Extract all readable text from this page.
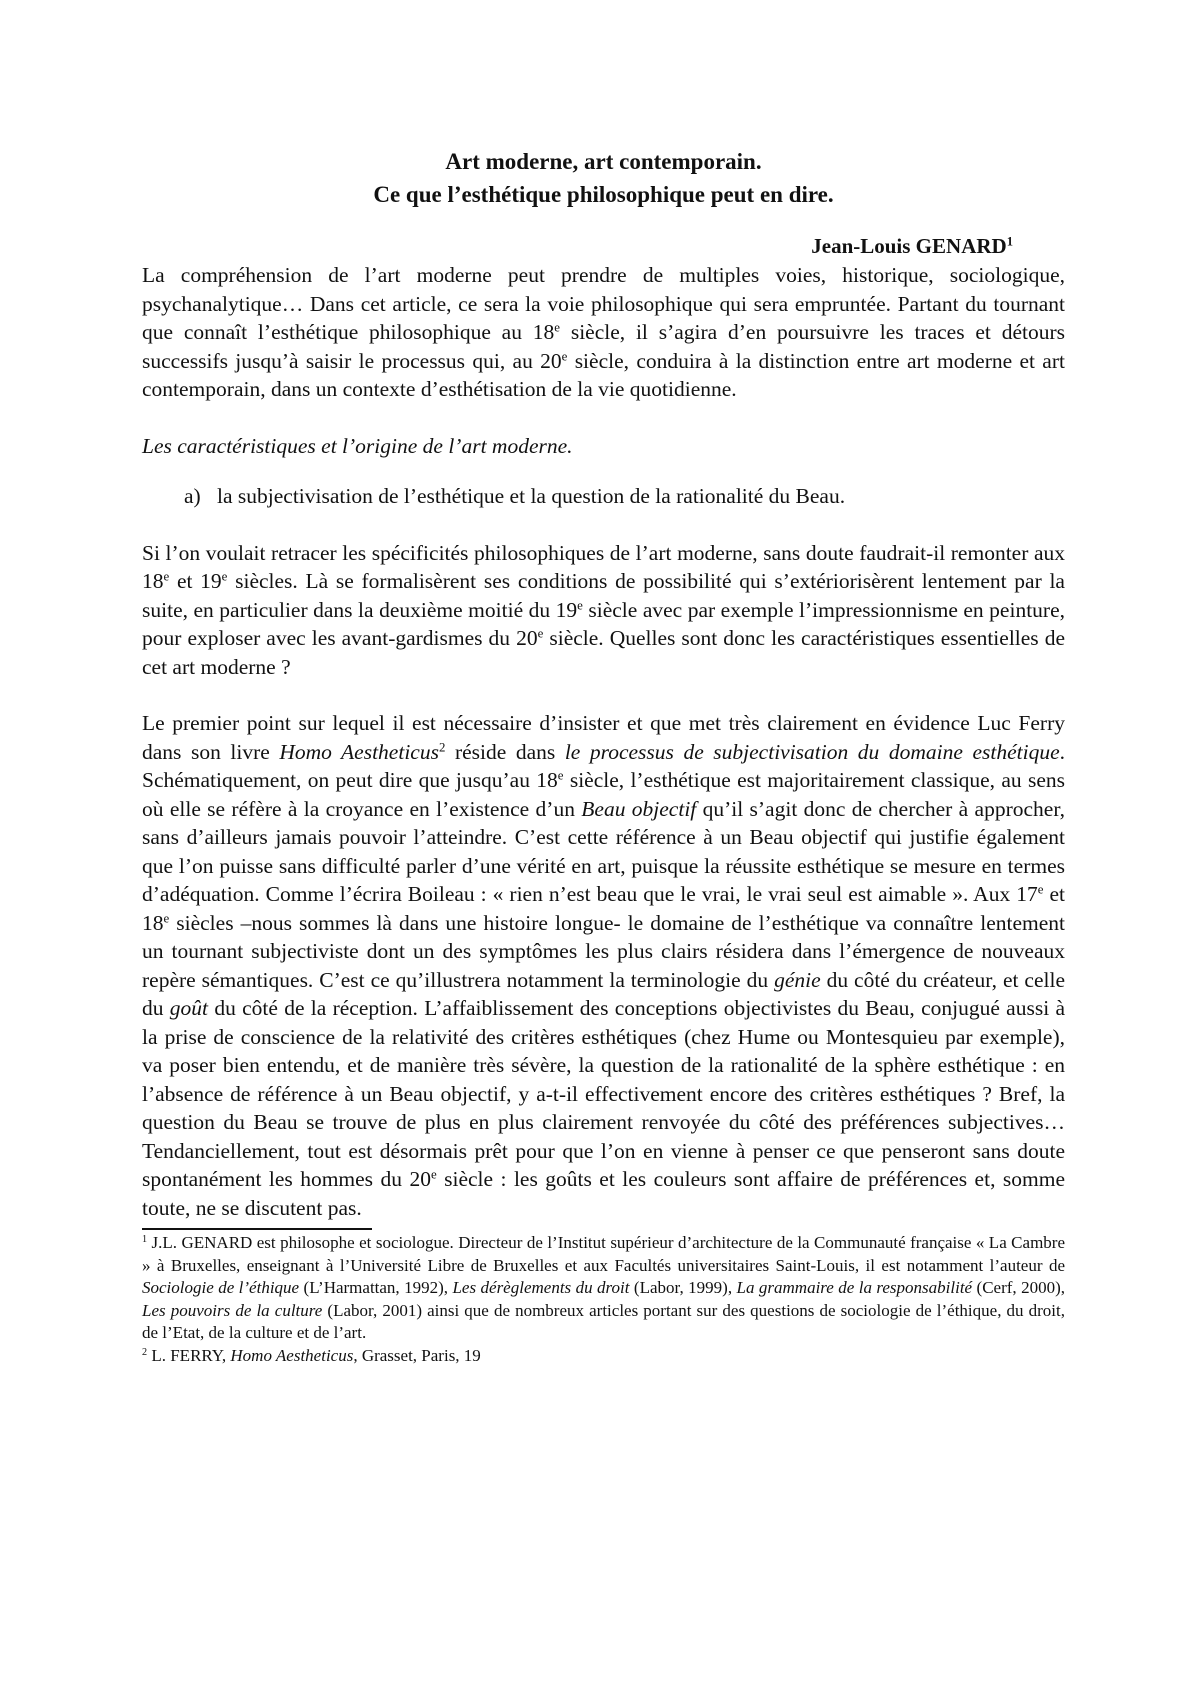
Art moderne, art contemporain.
Ce que l’esthétique philosophique peut en dire.
Jean-Louis GENARD$^1$

La compréhension de l’art moderne peut prendre de multiples voies, historique, sociologique, psychanalytique… Dans cet article, ce sera la voie philosophique qui sera empruntée. Partant du tournant que connaît l’esthétique philosophique au 18e siècle, il s’agira d’en poursuivre les traces et détours successifs jusqu’à saisir le processus qui, au 20e siècle, conduira à la distinction entre art moderne et art contemporain, dans un contexte d’esthétisation de la vie quotidienne.

Les caractéristiques et l’origine de l’art moderne.

a) la subjectivisation de l’esthétique et la question de la rationalité du Beau.

Si l’on voulait retracer les spécificités philosophiques de l’art moderne, sans doute faudrait-il remonter aux 18e et 19e siècles. Là se formalisèrent ses conditions de possibilité qui s’extériorisèrent lentement par la suite, en particulier dans la deuxième moitié du 19e siècle avec par exemple l’impressionnisme en peinture, pour exploser avec les avant-gardismes du 20e siècle. Quelles sont donc les caractéristiques essentielles de cet art moderne ?

Le premier point sur lequel il est nécessaire d’insister et que met très clairement en évidence Luc Ferry dans son livre Homo Aestheticus$^2$ réside dans le processus de subjectivisation du domaine esthétique. Schématiquement, on peut dire que jusqu’au 18e siècle, l’esthétique est majoritairement classique, au sens où elle se réfère à la croyance en l’existence d’un Beau objectif qu’il s’agit donc de chercher à approcher, sans d’ailleurs jamais pouvoir l’atteindre. C’est cette référence à un Beau objectif qui justifie également que l’on puisse sans difficulté parler d’une vérité en art, puisque la réussite esthétique se mesure en termes d’adéquation. Comme l’écrira Boileau : « rien n’est beau que le vrai, le vrai seul est aimable ». Aux 17e et 18e siècles –nous sommes là dans une histoire longue- le domaine de l’esthétique va connaître lentement un tournant subjectiviste dont un des symptômes les plus clairs résidera dans l’émergence de nouveaux repère sémantiques. C’est ce qu’illustrera notamment la terminologie du génie du côté du créateur, et celle du goût du côté de la réception. L’affaiblissement des conceptions objectivistes du Beau, conjugué aussi à la prise de conscience de la relativité des critères esthétiques (chez Hume ou Montesquieu par exemple), va poser bien entendu, et de manière très sévère, la question de la rationalité de la sphère esthétique : en l’absence de référence à un Beau objectif, y a-t-il effectivement encore des critères esthétiques ? Bref, la question du Beau se trouve de plus en plus clairement renvoyée du côté des préférences subjectives… Tendanciellement, tout est désormais prêt pour que l’on en vienne à penser ce que penseront sans doute spontanément les hommes du 20e siècle : les goûts et les couleurs sont affaire de préférences et, somme toute, ne se discutent pas.

$^1$ J.L. GENARD est philosophe et sociologue. Directeur de l’Institut supérieur d’architecture de la Communauté française « La Cambre » à Bruxelles, enseignant à l’Université Libre de Bruxelles et aux Facultés universitaires Saint-Louis, il est notamment l’auteur de Sociologie de l’éthique (L’Harmattan, 1992), Les dérèglements du droit (Labor, 1999), La grammaire de la responsabilité (Cerf, 2000), Les pouvoirs de la culture (Labor, 2001) ainsi que de nombreux articles portant sur des questions de sociologie de l’éthique, du droit, de l’Etat, de la culture et de l’art.

$^2$ L. FERRY, Homo Aestheticus, Grasset, Paris, 19
